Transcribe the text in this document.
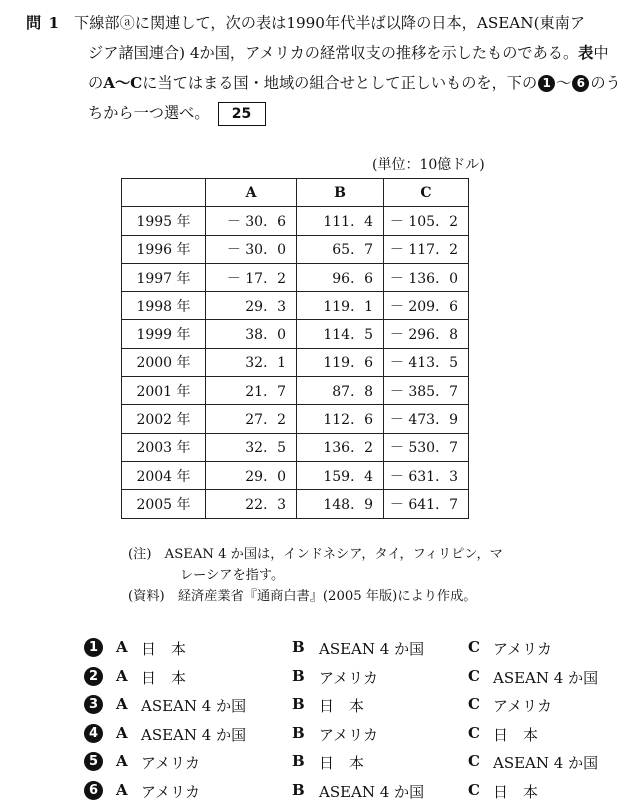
問 1 下線部ⓐに関連して，次の表は1990年代半ば以降の日本，ASEAN(東南ア
ジア諸国連合) 4か国，アメリカの経常収支の推移を示したものである。表中
のA～Cに当てはまる国・地域の組合せとして正しいものを，下の 1 ～ 6 のう
ちから一つ選べ。 25
(単位：10億ドル)
	A	B	C
1995 年	－ 30．6	111．4	－ 105．2
1996 年	－ 30．0	65．7	－ 117．2
1997 年	－ 17．2	96．6	－ 136．0
1998 年	29．3	119．1	－ 209．6
1999 年	38．0	114．5	－ 296．8
2000 年	32．1	119．6	－ 413．5
2001 年	21．7	87．8	－ 385．7
2002 年	27．2	112．6	－ 473．9
2003 年	32．5	136．2	－ 530．7
2004 年	29．0	159．4	－ 631．3
2005 年	22．3	148．9	－ 641．7
(注)　ASEAN 4 か国は，インドネシア，タイ，フィリピン，マ
レーシアを指す。
(資料)　経済産業省『通商白書』(2005 年版)により作成。
1	A 日　本	B ASEAN 4 か国	C アメリカ
2	A 日　本	B アメリカ	C ASEAN 4 か国
3	A ASEAN 4 か国	B 日　本	C アメリカ
4	A ASEAN 4 か国	B アメリカ	C 日　本
5	A アメリカ	B 日　本	C ASEAN 4 か国
6	A アメリカ	B ASEAN 4 か国	C 日　本
